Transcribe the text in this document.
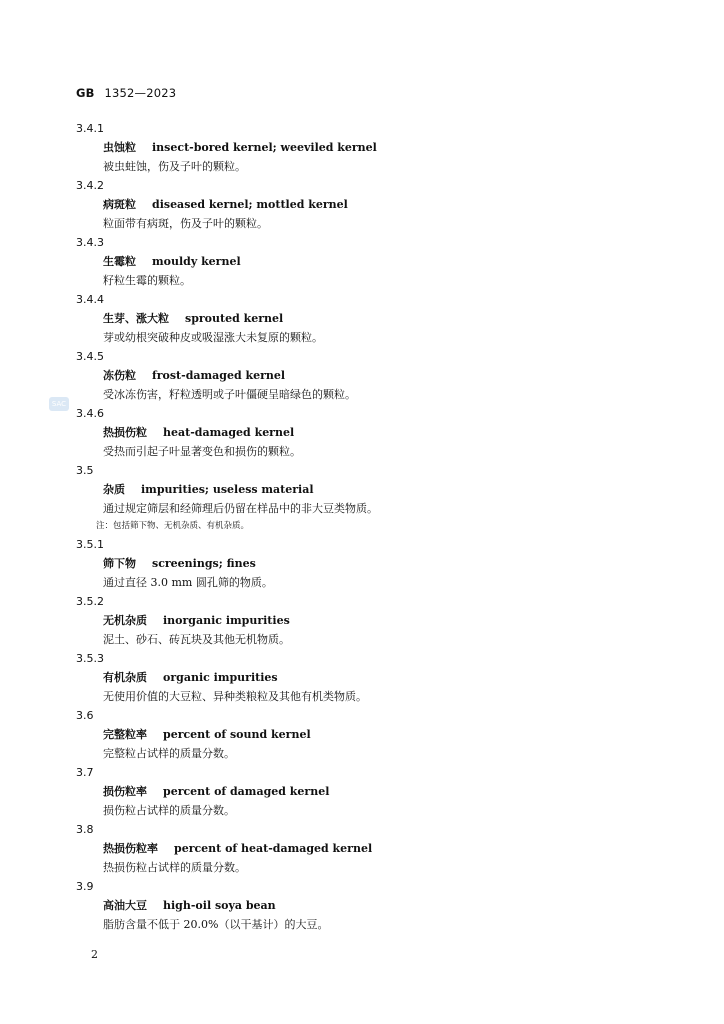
GB 1352—2023
SAC
3.4.1
虫蚀粒 insect-bored kernel; weeviled kernel
被虫蛀蚀，伤及子叶的颗粒。
3.4.2
病斑粒 diseased kernel; mottled kernel
粒面带有病斑，伤及子叶的颗粒。
3.4.3
生霉粒 mouldy kernel
籽粒生霉的颗粒。
3.4.4
生芽、涨大粒 sprouted kernel
芽或幼根突破种皮或吸湿涨大未复原的颗粒。
3.4.5
冻伤粒 frost-damaged kernel
受冰冻伤害，籽粒透明或子叶僵硬呈暗绿色的颗粒。
3.4.6
热损伤粒 heat-damaged kernel
受热而引起子叶显著变色和损伤的颗粒。
3.5
杂质 impurities; useless material
通过规定筛层和经筛理后仍留在样品中的非大豆类物质。
注：包括筛下物、无机杂质、有机杂质。
3.5.1
筛下物 screenings; fines
通过直径 3.0 mm 圆孔筛的物质。
3.5.2
无机杂质 inorganic impurities
泥土、砂石、砖瓦块及其他无机物质。
3.5.3
有机杂质 organic impurities
无使用价值的大豆粒、异种类粮粒及其他有机类物质。
3.6
完整粒率 percent of sound kernel
完整粒占试样的质量分数。
3.7
损伤粒率 percent of damaged kernel
损伤粒占试样的质量分数。
3.8
热损伤粒率 percent of heat-damaged kernel
热损伤粒占试样的质量分数。
3.9
高油大豆 high-oil soya bean
脂肪含量不低于 20.0%（以干基计）的大豆。
2
